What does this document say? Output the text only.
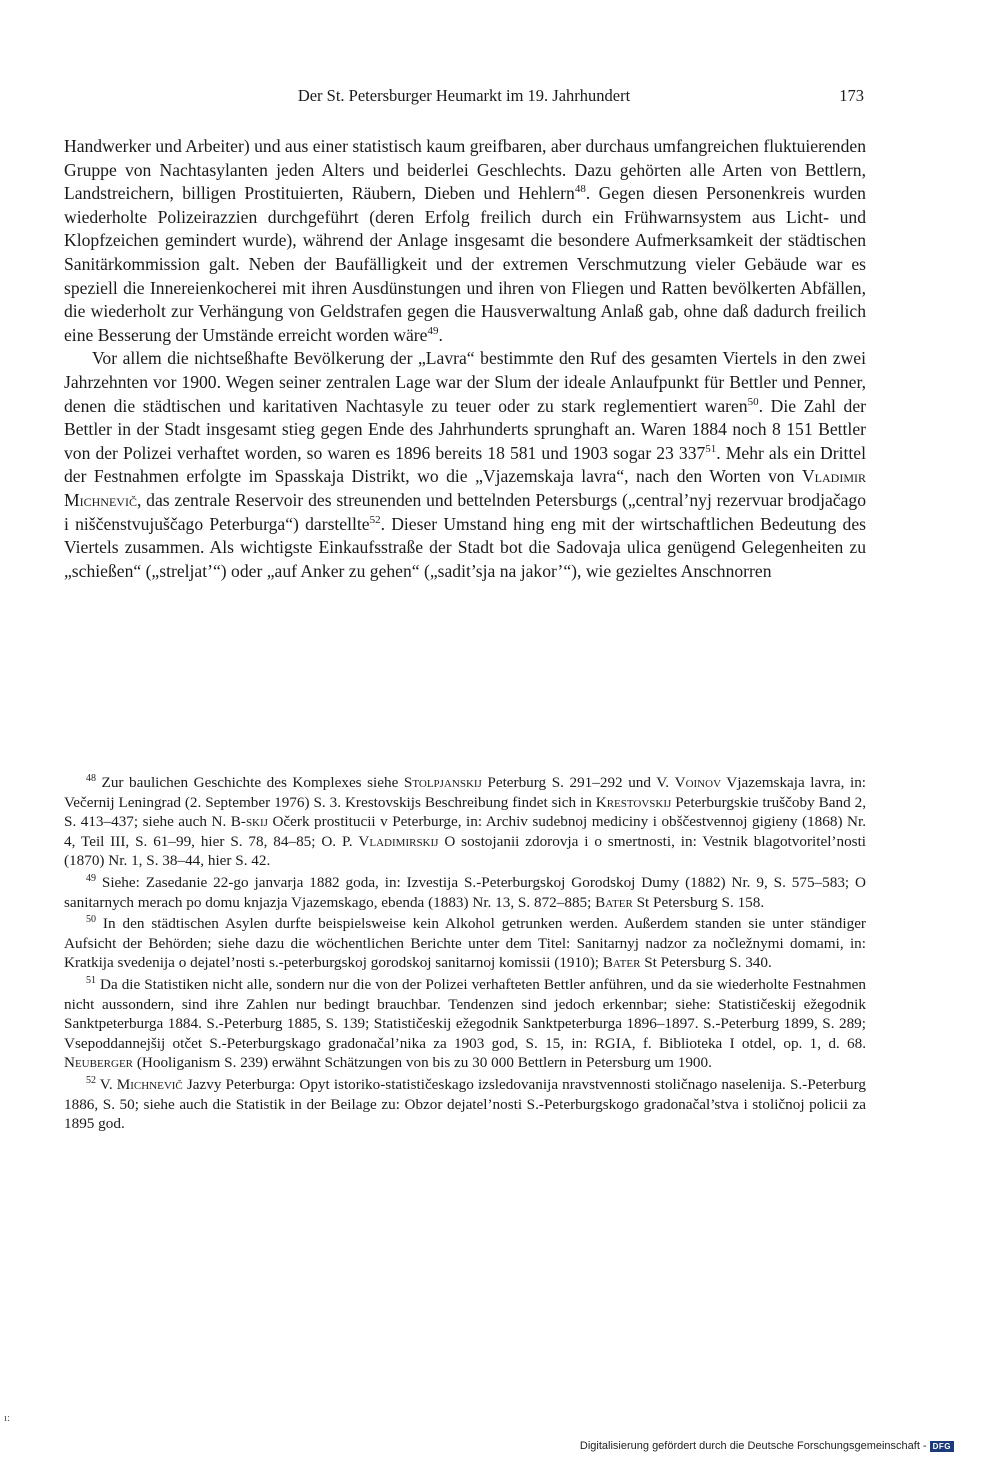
Der St. Petersburger Heumarkt im 19. Jahrhundert	173

Handwerker und Arbeiter) und aus einer statistisch kaum greifbaren, aber durchaus umfangreichen fluktuierenden Gruppe von Nachtasylanten jeden Alters und beiderlei Geschlechts. Dazu gehörten alle Arten von Bettlern, Landstreichern, billigen Prostituierten, Räubern, Dieben und Hehlern$^{48}$. Gegen diesen Personenkreis wurden wiederholte Polizeirazzien durchgeführt (deren Erfolg freilich durch ein Frühwarnsystem aus Licht- und Klopfzeichen gemindert wurde), während der Anlage insgesamt die besondere Aufmerksamkeit der städtischen Sanitärkommission galt. Neben der Baufälligkeit und der extremen Verschmutzung vieler Gebäude war es speziell die Innereienkocherei mit ihren Ausdünstungen und ihren von Fliegen und Ratten bevölkerten Abfällen, die wiederholt zur Verhängung von Geldstrafen gegen die Hausverwaltung Anlaß gab, ohne daß dadurch freilich eine Besserung der Umstände erreicht worden wäre$^{49}$.

Vor allem die nichtseßhafte Bevölkerung der „Lavra“ bestimmte den Ruf des gesamten Viertels in den zwei Jahrzehnten vor 1900. Wegen seiner zentralen Lage war der Slum der ideale Anlaufpunkt für Bettler und Penner, denen die städtischen und karitativen Nachtasyle zu teuer oder zu stark reglementiert waren$^{50}$. Die Zahl der Bettler in der Stadt insgesamt stieg gegen Ende des Jahrhunderts sprunghaft an. Waren 1884 noch 8 151 Bettler von der Polizei verhaftet worden, so waren es 1896 bereits 18 581 und 1903 sogar 23 $337^{51}$. Mehr als ein Drittel der Festnahmen erfolgte im Spasskaja Distrikt, wo die „Vjazemskaja lavra“, nach den Worten von Vladimir Michnevič, das zentrale Reservoir des streunenden und bettelnden Petersburgs („central’nyj rezervuar brodjačago i niščenstvujuščago Peterburga“) darstellte$^{52}$. Dieser Umstand hing eng mit der wirtschaftlichen Bedeutung des Viertels zusammen. Als wichtigste Einkaufsstraße der Stadt bot die Sadovaja ulica genügend Gelegenheiten zu „schießen“ („streljat’“) oder „auf Anker zu gehen“ („sadit’sja na jakor’“), wie gezieltes Anschnorren

$^{48}$ Zur baulichen Geschichte des Komplexes siehe Stolpjanskij Peterburg S. 291–292 und V. Voinov Vjazemskaja lavra, in: Večernij Leningrad (2. September 1976) S. 3. Krestovskijs Beschreibung findet sich in Krestovskij Peterburgskie truščoby Band 2, S. 413–437; siehe auch N. B-skij Očerk prostitucii v Peterburge, in: Archiv sudebnoj mediciny i obščestvennoj gigieny (1868) Nr. 4, Teil III, S. 61–99, hier S. 78, 84–85; O. P. Vladimirskij O sostojanii zdorovja i o smertnosti, in: Vestnik blagotvoritel’nosti (1870) Nr. 1, S. 38–44, hier S. 42.

$^{49}$ Siehe: Zasedanie 22-go janvarja 1882 goda, in: Izvestija S.-Peterburgskoj Gorodskoj Dumy (1882) Nr. 9, S. 575–583; O sanitarnych merach po domu knjazja Vjazemskago, ebenda (1883) Nr. 13, S. 872–885; Bater St Petersburg S. 158.

$^{50}$ In den städtischen Asylen durfte beispielsweise kein Alkohol getrunken werden. Außerdem standen sie unter ständiger Aufsicht der Behörden; siehe dazu die wöchentlichen Berichte unter dem Titel: Sanitarnyj nadzor za nočležnymi domami, in: Kratkija svedenija o dejatel’nosti s.-peterburgskoj gorodskoj sanitarnoj komissii (1910); Bater St Petersburg S. 340.

$^{51}$ Da die Statistiken nicht alle, sondern nur die von der Polizei verhafteten Bettler anführen, und da sie wiederholte Festnahmen nicht aussondern, sind ihre Zahlen nur bedingt brauchbar. Tendenzen sind jedoch erkennbar; siehe: Statističeskij ežegodnik Sanktpeterburga 1884. S.-Peterburg 1885, S. 139; Statističeskij ežegodnik Sanktpeterburga 1896–1897. S.-Peterburg 1899, S. 289; Vsepoddannejšij otčet S.-Peterburgskago gradonačal’nika za 1903 god, S. 15, in: RGIA, f. Biblioteka I otdel, op. 1, d. 68. Neuberger (Hooliganism S. 239) erwähnt Schätzungen von bis zu 30 000 Bettlern in Petersburg um 1900.

$^{52}$ V. Michnevič Jazvy Peterburga: Opyt istoriko-statističeskago izsledovanija nravstvennosti stoličnago naselenija. S.-Peterburg 1886, S. 50; siehe auch die Statistik in der Beilage zu: Obzor dejatel’nosti S.-Peterburgskogo gradonačal’stva i stoličnoj policii za 1895 god.

ı:
Digitalisierung gefördert durch die Deutsche Forschungsgemeinschaft - DFG
